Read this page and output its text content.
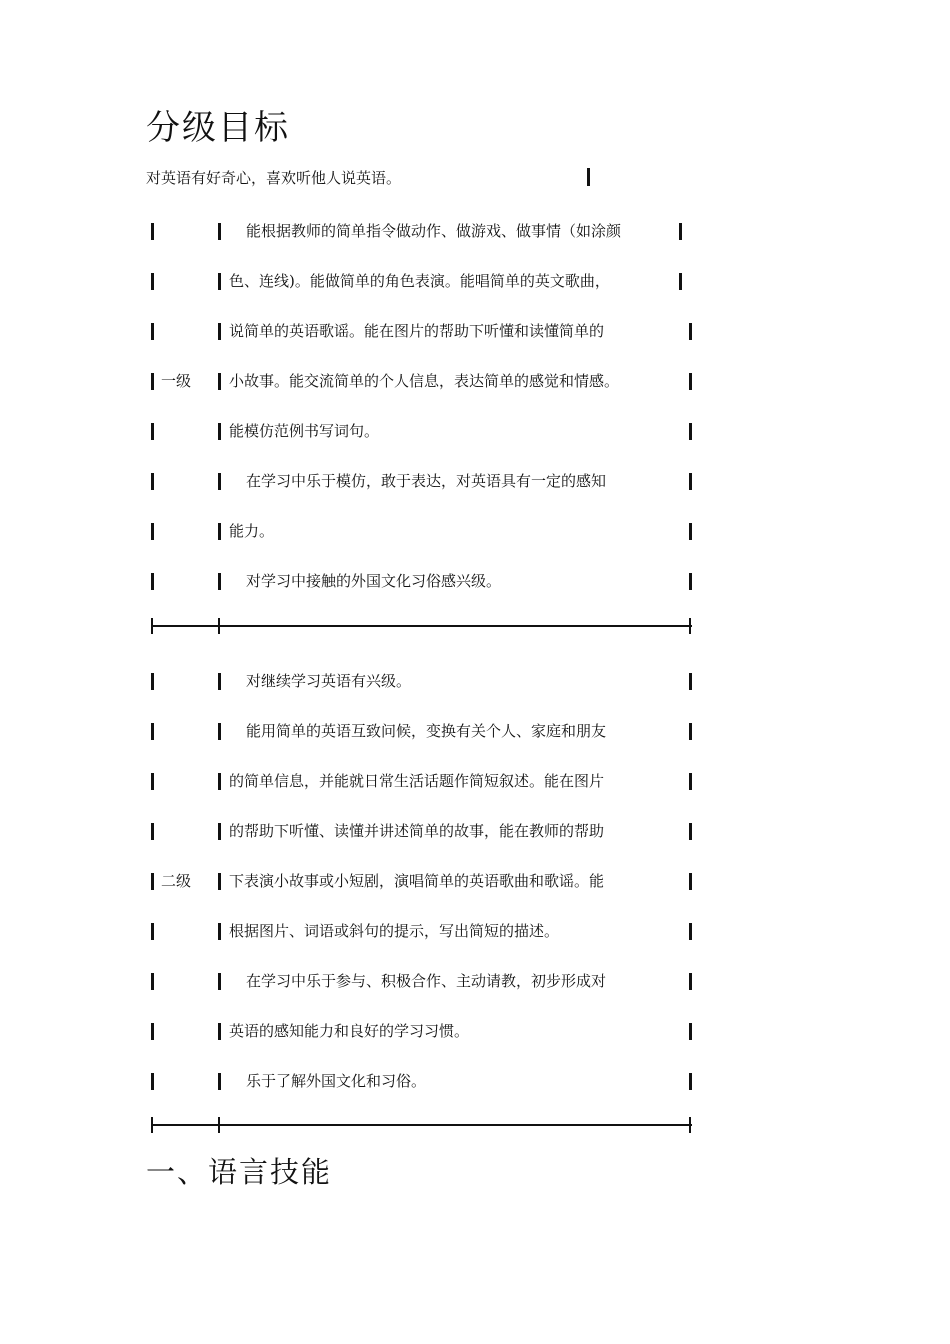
分级目标

对英语有好奇心，喜欢听他人说英语。

能根据教师的简单指令做动作、做游戏、做事情（如涂颜
色、连线)。能做简单的角色表演。能唱简单的英文歌曲，
说简单的英语歌谣。能在图片的帮助下听懂和读懂简单的
一级	小故事。能交流简单的个人信息，表达简单的感觉和情感。
能模仿范例书写词句。
在学习中乐于模仿，敢于表达，对英语具有一定的感知
能力。
对学习中接触的外国文化习俗感兴级。
对继续学习英语有兴级。
能用简单的英语互致问候，变换有关个人、家庭和朋友
的简单信息，并能就日常生活话题作简短叙述。能在图片
的帮助下听懂、读懂并讲述简单的故事，能在教师的帮助
二级	下表演小故事或小短剧，演唱简单的英语歌曲和歌谣。能
根据图片、词语或斜句的提示，写出简短的描述。
在学习中乐于参与、积极合作、主动请教，初步形成对
英语的感知能力和良好的学习习惯。
乐于了解外国文化和习俗。
一、语言技能
